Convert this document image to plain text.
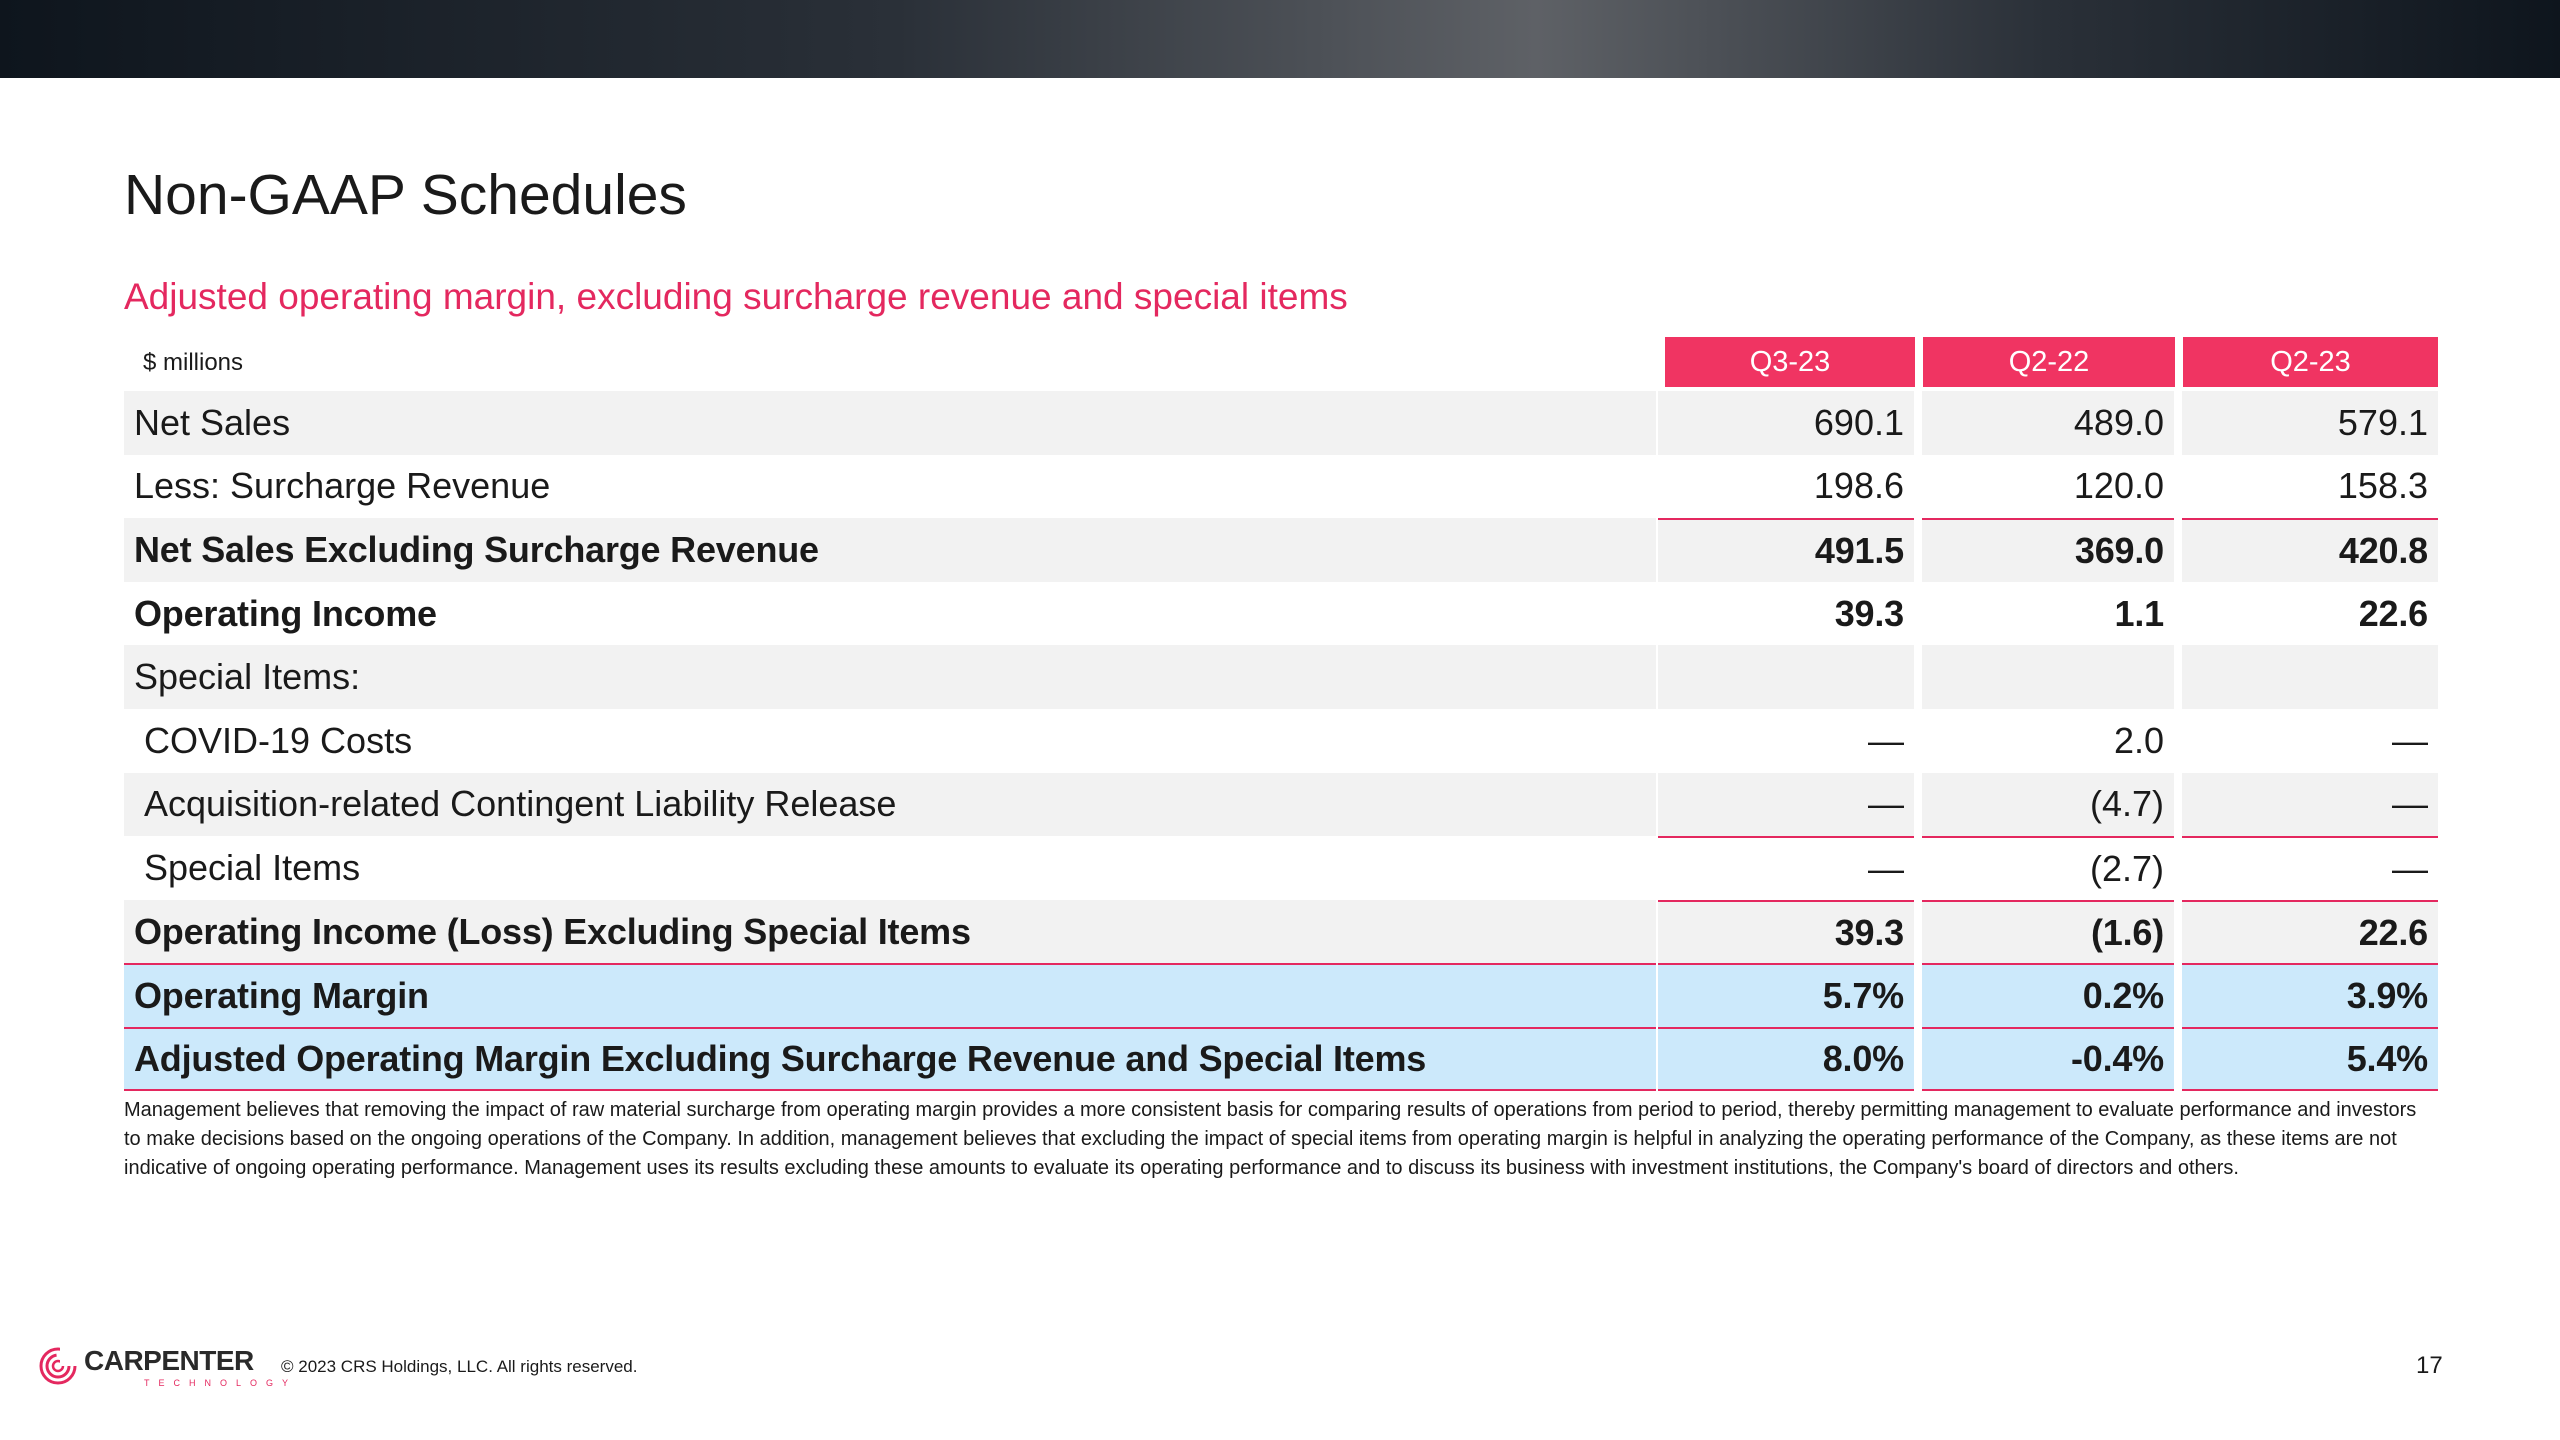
Non-GAAP Schedules
Adjusted operating margin, excluding surcharge revenue and special items
$ millions	Q3-23	Q2-22	Q2-23
Net Sales	690.1	489.0	579.1
Less: Surcharge Revenue	198.6	120.0	158.3
Net Sales Excluding Surcharge Revenue	491.5	369.0	420.8
Operating Income	39.3	1.1	22.6
Special Items:
COVID-19 Costs	—	2.0	—
Acquisition-related Contingent Liability Release	—	(4.7)	—
Special Items	—	(2.7)	—
Operating Income (Loss) Excluding Special Items	39.3	(1.6)	22.6
Operating Margin	5.7%	0.2%	3.9%
Adjusted Operating Margin Excluding Surcharge Revenue and Special Items	8.0%	-0.4%	5.4%

Management believes that removing the impact of raw material surcharge from operating margin provides a more consistent basis for comparing results of operations from period to period, thereby permitting management to evaluate performance and investors to make decisions based on the ongoing operations of the Company. In addition, management believes that excluding the impact of special items from operating margin is helpful in analyzing the operating performance of the Company, as these items are not indicative of ongoing operating performance. Management uses its results excluding these amounts to evaluate its operating performance and to discuss its business with investment institutions, the Company's board of directors and others.

CARPENTER
TECHNOLOGY
© 2023 CRS Holdings, LLC. All rights reserved.	17
